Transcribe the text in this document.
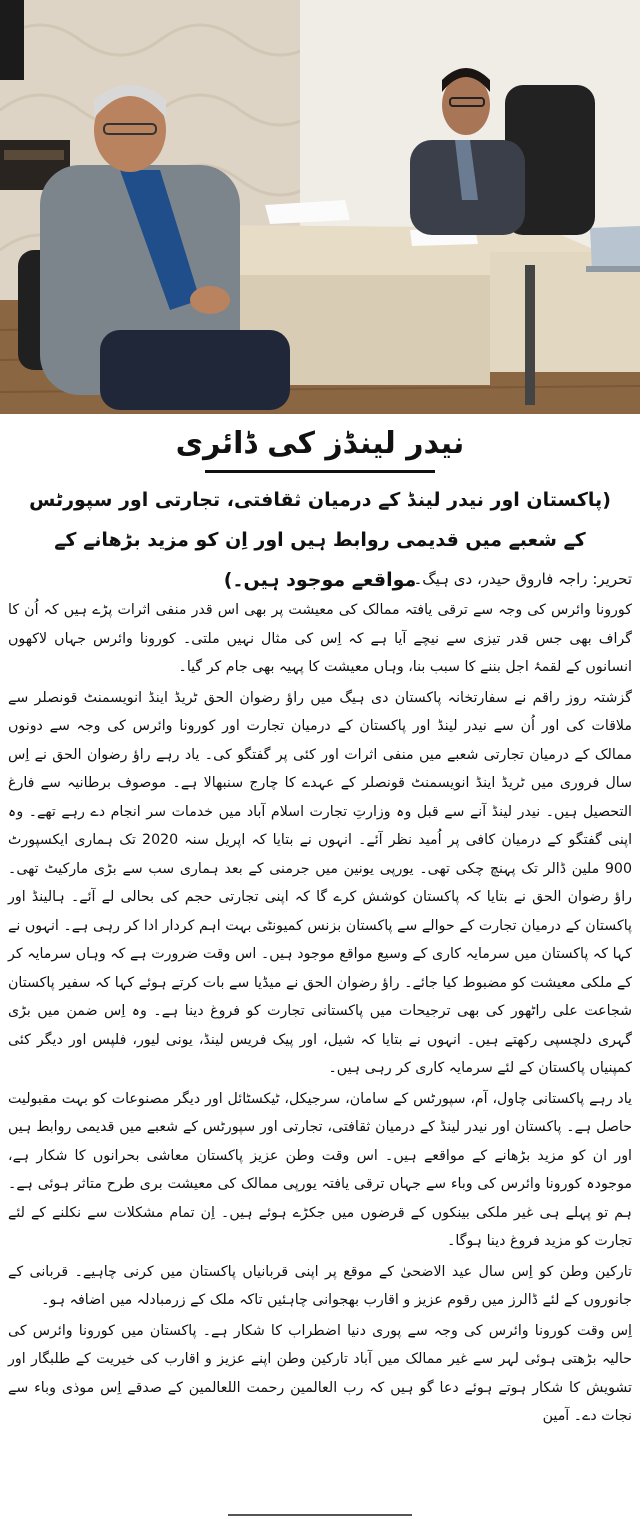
نیدر لینڈز کی ڈائری

(پاکستان اور نیدر لینڈ کے درمیان ثقافتی، تجارتی اور سپورٹس کے شعبے میں قدیمی روابط ہیں اور اِن کو مزید بڑھانے کے مواقعے موجود ہیں۔)

تحریر: راجہ فاروق حیدر، دی ہیگ۔

کورونا وائرس کی وجہ سے ترقی یافتہ ممالک کی معیشت پر بھی اس قدر منفی اثرات پڑے ہیں کہ اُن کا گراف بھی جس قدر تیزی سے نیچے آیا ہے کہ اِس کی مثال نہیں ملتی۔ کورونا وائرس جہاں لاکھوں انسانوں کے لقمۂ اجل بننے کا سبب بنا، وہاں معیشت کا پہیہ بھی جام کر گیا۔

گزشتہ روز راقم نے سفارتخانہ پاکستان دی ہیگ میں راؤ رضوان الحق ٹریڈ اینڈ انویسمنٹ قونصلر سے ملاقات کی اور اُن سے نیدر لینڈ اور پاکستان کے درمیان تجارت اور کورونا وائرس کی وجہ سے دونوں ممالک کے درمیان تجارتی شعبے میں منفی اثرات اور کئی پر گفتگو کی۔ یاد رہے راؤ رضوان الحق نے اِس سال فروری میں ٹریڈ اینڈ انویسمنٹ قونصلر کے عہدے کا چارج سنبھالا ہے۔ موصوف برطانیہ سے فارغ التحصیل ہیں۔ نیدر لینڈ آنے سے قبل وہ وزارتِ تجارت اسلام آباد میں خدمات سر انجام دے رہے تھے۔ وہ اپنی گفتگو کے درمیان کافی پر اُمید نظر آئے۔ انہوں نے بتایا کہ اپریل سنہ 2020 تک ہماری ایکسپورٹ 900 ملین ڈالر تک پہنچ چکی تھی۔ یورپی یونین میں جرمنی کے بعد ہماری سب سے بڑی مارکیٹ تھی۔ راؤ رضوان الحق نے بتایا کہ پاکستان کوشش کرے گا کہ اپنی تجارتی حجم کی بحالی لے آئے۔ ہالینڈ اور پاکستان کے درمیان تجارت کے حوالے سے پاکستان بزنس کمیونٹی بہت اہم کردار ادا کر رہی ہے۔ انہوں نے کہا کہ پاکستان میں سرمایہ کاری کے وسیع مواقع موجود ہیں۔ اس وقت ضرورت ہے کہ وہاں سرمایہ کر کے ملکی معیشت کو مضبوط کیا جائے۔ راؤ رضوان الحق نے میڈیا سے بات کرتے ہوئے کہا کہ سفیر پاکستان شجاعت علی راٹھور کی بھی ترجیحات میں پاکستانی تجارت کو فروغ دینا ہے۔ وہ اِس ضمن میں بڑی گہری دلچسپی رکھتے ہیں۔ انہوں نے بتایا کہ شیل، اور پیک فریس لینڈ، یونی لیور، فلپس اور دیگر کئی کمپنیاں پاکستان کے لئے سرمایہ کاری کر رہی ہیں۔

یاد رہے پاکستانی چاول، آم، سپورٹس کے سامان، سرجیکل، ٹیکسٹائل اور دیگر مصنوعات کو بہت مقبولیت حاصل ہے۔ پاکستان اور نیدر لینڈ کے درمیان ثقافتی، تجارتی اور سپورٹس کے شعبے میں قدیمی روابط ہیں اور ان کو مزید بڑھانے کے مواقعے ہیں۔ اس وقت وطن عزیز پاکستان معاشی بحرانوں کا شکار ہے، موجودہ کورونا وائرس کی وباء سے جہاں ترقی یافتہ یورپی ممالک کی معیشت بری طرح متاثر ہوئی ہے۔ ہم تو پہلے ہی غیر ملکی بینکوں کے قرضوں میں جکڑے ہوئے ہیں۔ اِن تمام مشکلات سے نکلنے کے لئے تجارت کو مزید فروغ دینا ہوگا۔

تارکین وطن کو اِس سال عید الاضحیٰ کے موقع پر اپنی قربانیاں پاکستان میں کرنی چاہیے۔ قربانی کے جانوروں کے لئے ڈالرز میں رقوم عزیز و اقارب بھجوانی چاہئیں تاکہ ملک کے زرمبادلہ میں اضافہ ہو۔

اِس وقت کورونا وائرس کی وجہ سے پوری دنیا اضطراب کا شکار ہے۔ پاکستان میں کورونا وائرس کی حالیہ بڑھتی ہوئی لہر سے غیر ممالک میں آباد تارکین وطن اپنے عزیز و اقارب کی خیریت کے طلبگار اور تشویش کا شکار ہوتے ہوئے دعا گو ہیں کہ رب العالمین رحمت اللعالمین کے صدقے اِس موذی وباء سے نجات دے۔ آمین
